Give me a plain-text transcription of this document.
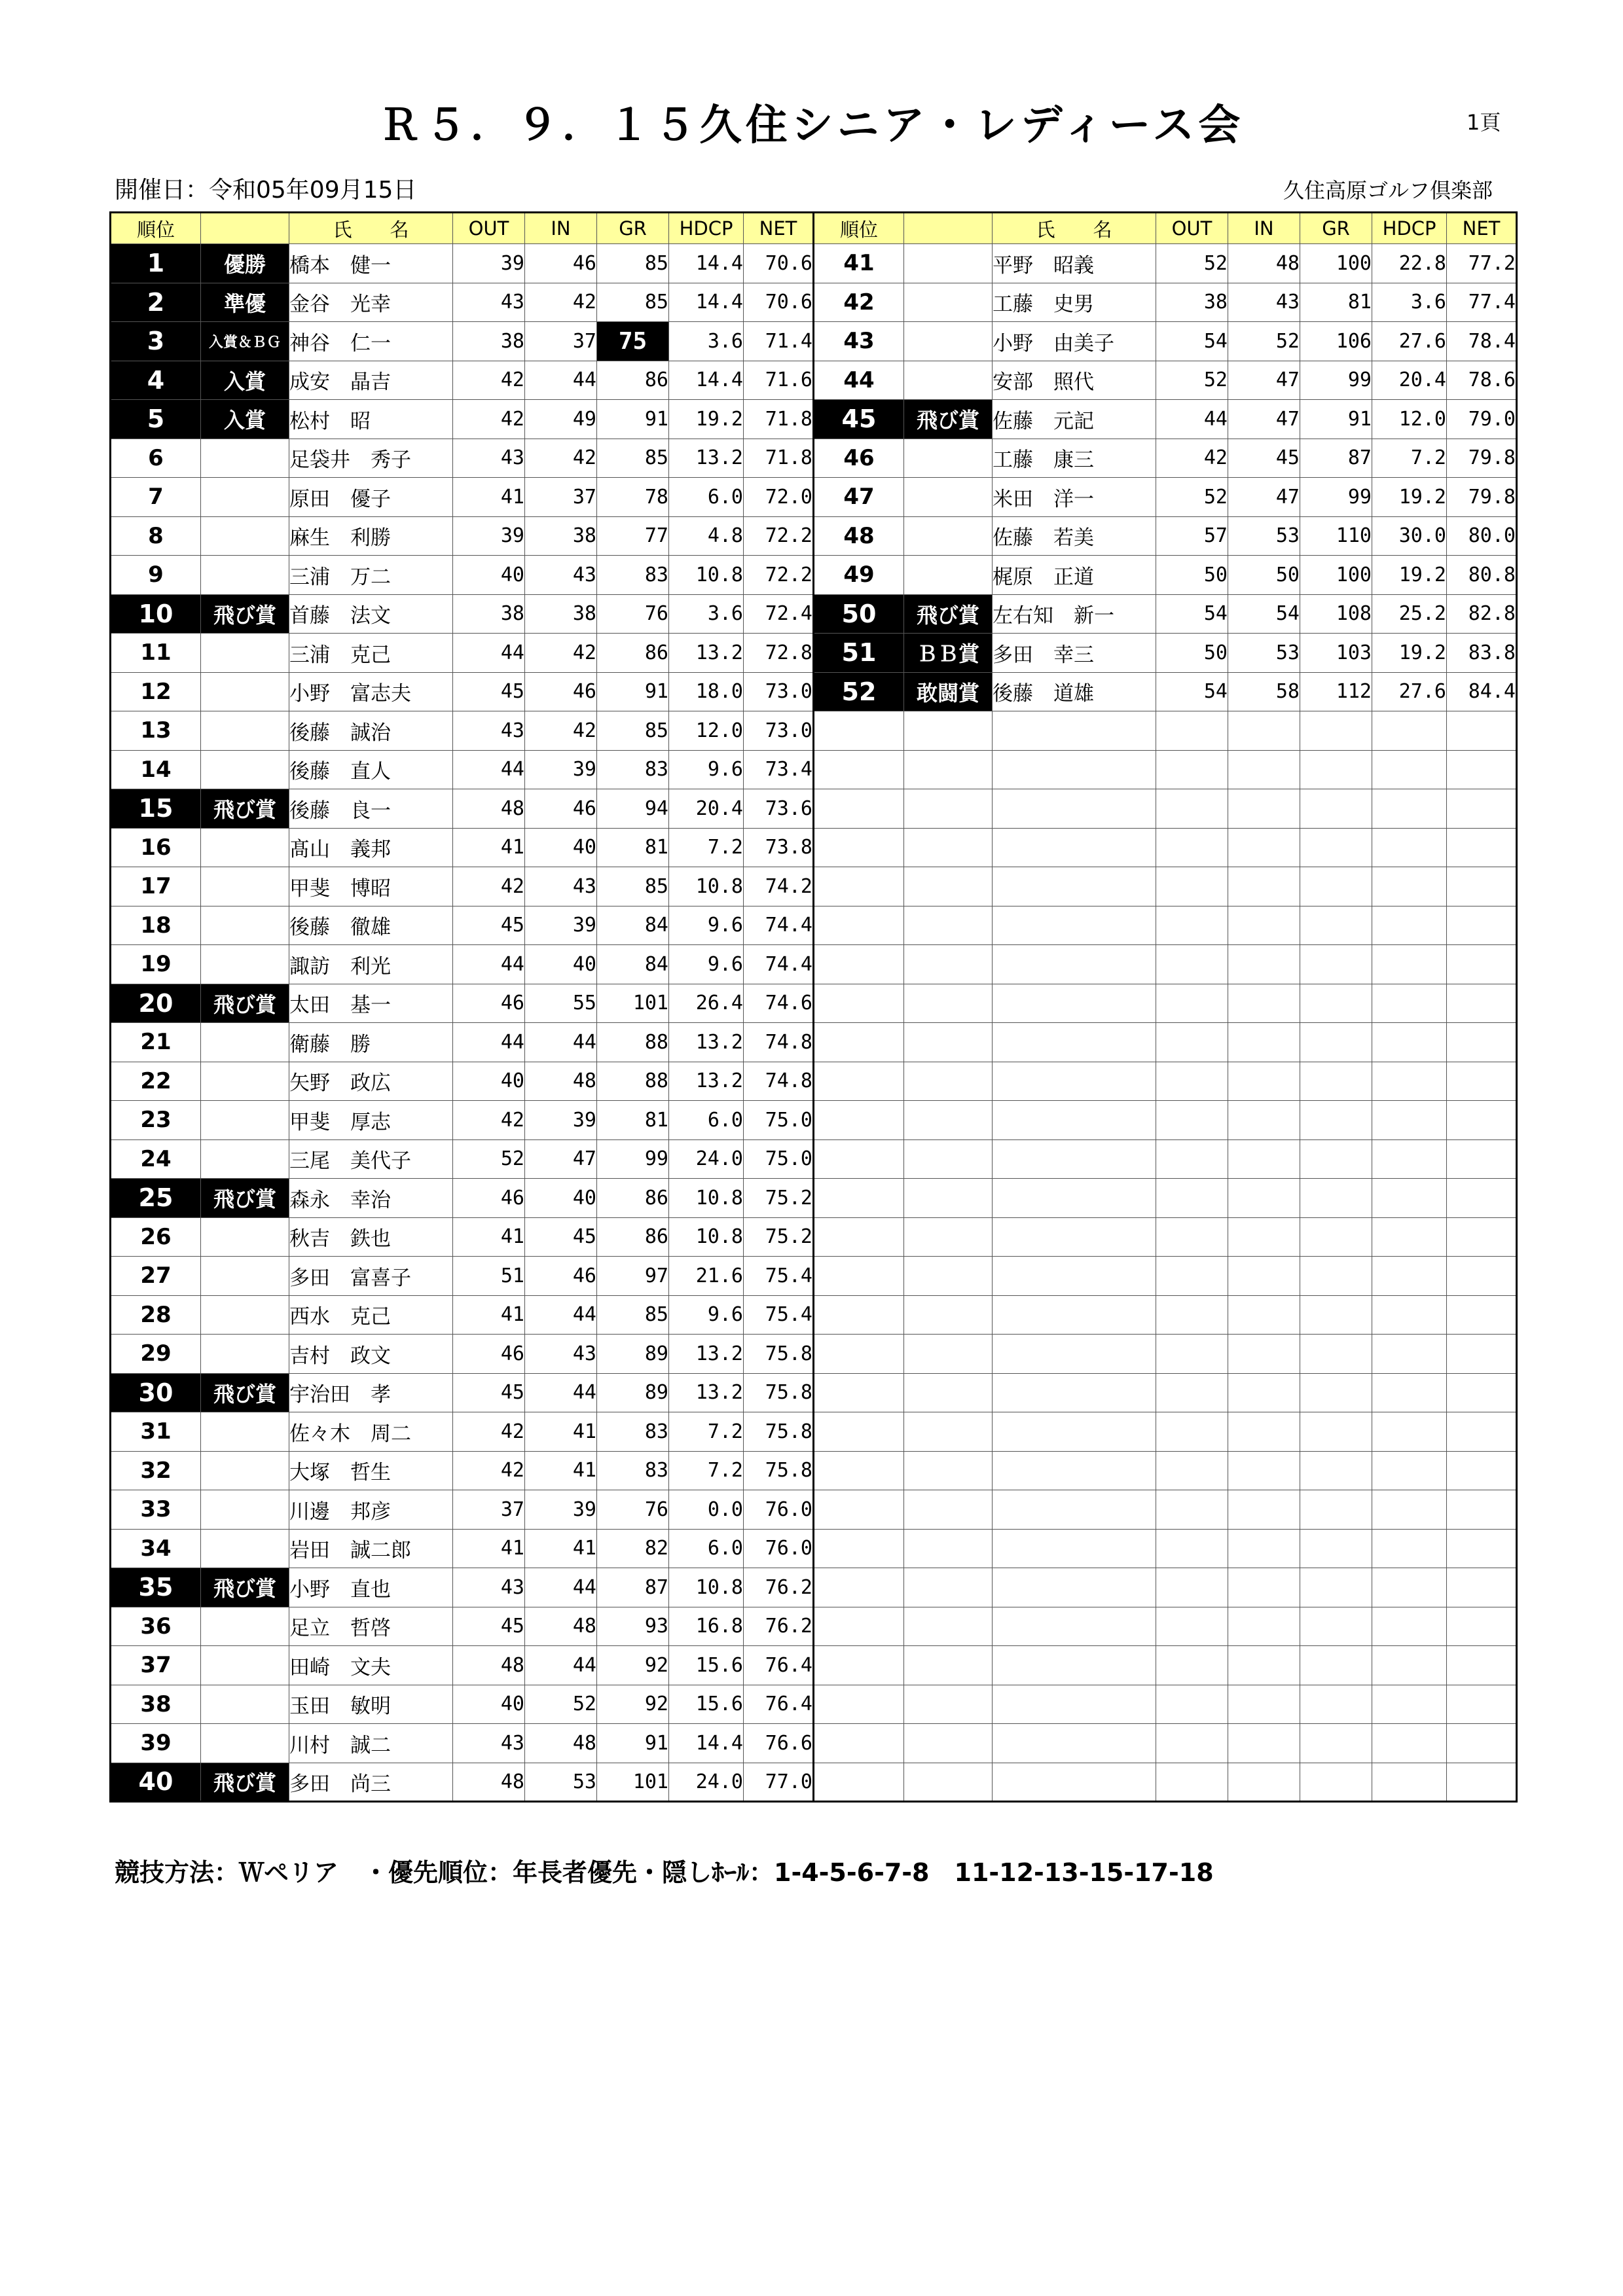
Ｒ５．９．１５久住シニア・レディース会	1頁
開催日：令和05年09月15日	久住高原ゴルフ倶楽部
順位		氏　　名	OUT	IN	GR	HDCP	NET	順位		氏　　名	OUT	IN	GR	HDCP	NET
1	優勝	橋本　健一	39	46	85	14.4	70.6	41		平野　昭義	52	48	100	22.8	77.2
2	準優	金谷　光幸	43	42	85	14.4	70.6	42		工藤　史男	38	43	81	3.6	77.4
3	入賞＆ＢＧ	神谷　仁一	38	37	75	3.6	71.4	43		小野　由美子	54	52	106	27.6	78.4
4	入賞	成安　晶吉	42	44	86	14.4	71.6	44		安部　照代	52	47	99	20.4	78.6
5	入賞	松村　昭	42	49	91	19.2	71.8	45	飛び賞	佐藤　元記	44	47	91	12.0	79.0
6		足袋井　秀子	43	42	85	13.2	71.8	46		工藤　康三	42	45	87	7.2	79.8
7		原田　優子	41	37	78	6.0	72.0	47		米田　洋一	52	47	99	19.2	79.8
8		麻生　利勝	39	38	77	4.8	72.2	48		佐藤　若美	57	53	110	30.0	80.0
9		三浦　万二	40	43	83	10.8	72.2	49		梶原　正道	50	50	100	19.2	80.8
10	飛び賞	首藤　法文	38	38	76	3.6	72.4	50	飛び賞	左右知　新一	54	54	108	25.2	82.8
11		三浦　克己	44	42	86	13.2	72.8	51	ＢＢ賞	多田　幸三	50	53	103	19.2	83.8
12		小野　富志夫	45	46	91	18.0	73.0	52	敢闘賞	後藤　道雄	54	58	112	27.6	84.4
13		後藤　誠治	43	42	85	12.0	73.0								
14		後藤　直人	44	39	83	9.6	73.4								
15	飛び賞	後藤　良一	48	46	94	20.4	73.6								
16		髙山　義邦	41	40	81	7.2	73.8								
17		甲斐　博昭	42	43	85	10.8	74.2								
18		後藤　徹雄	45	39	84	9.6	74.4								
19		諏訪　利光	44	40	84	9.6	74.4								
20	飛び賞	太田　基一	46	55	101	26.4	74.6								
21		衛藤　勝	44	44	88	13.2	74.8								
22		矢野　政広	40	48	88	13.2	74.8								
23		甲斐　厚志	42	39	81	6.0	75.0								
24		三尾　美代子	52	47	99	24.0	75.0								
25	飛び賞	森永　幸治	46	40	86	10.8	75.2								
26		秋吉　鉄也	41	45	86	10.8	75.2								
27		多田　富喜子	51	46	97	21.6	75.4								
28		西水　克己	41	44	85	9.6	75.4								
29		吉村　政文	46	43	89	13.2	75.8								
30	飛び賞	宇治田　孝	45	44	89	13.2	75.8								
31		佐々木　周二	42	41	83	7.2	75.8								
32		大塚　哲生	42	41	83	7.2	75.8								
33		川邊　邦彦	37	39	76	0.0	76.0								
34		岩田　誠二郎	41	41	82	6.0	76.0								
35	飛び賞	小野　直也	43	44	87	10.8	76.2								
36		足立　哲啓	45	48	93	16.8	76.2								
37		田崎　文夫	48	44	92	15.6	76.4								
38		玉田　敏明	40	52	92	15.6	76.4								
39		川村　誠二	43	48	91	14.4	76.6								
40	飛び賞	多田　尚三	48	53	101	24.0	77.0								
競技方法：Ｗペリア　・優先順位：年長者優先・隠しﾎｰﾙ：1-4-5-6-7-8　11-12-13-15-17-18
